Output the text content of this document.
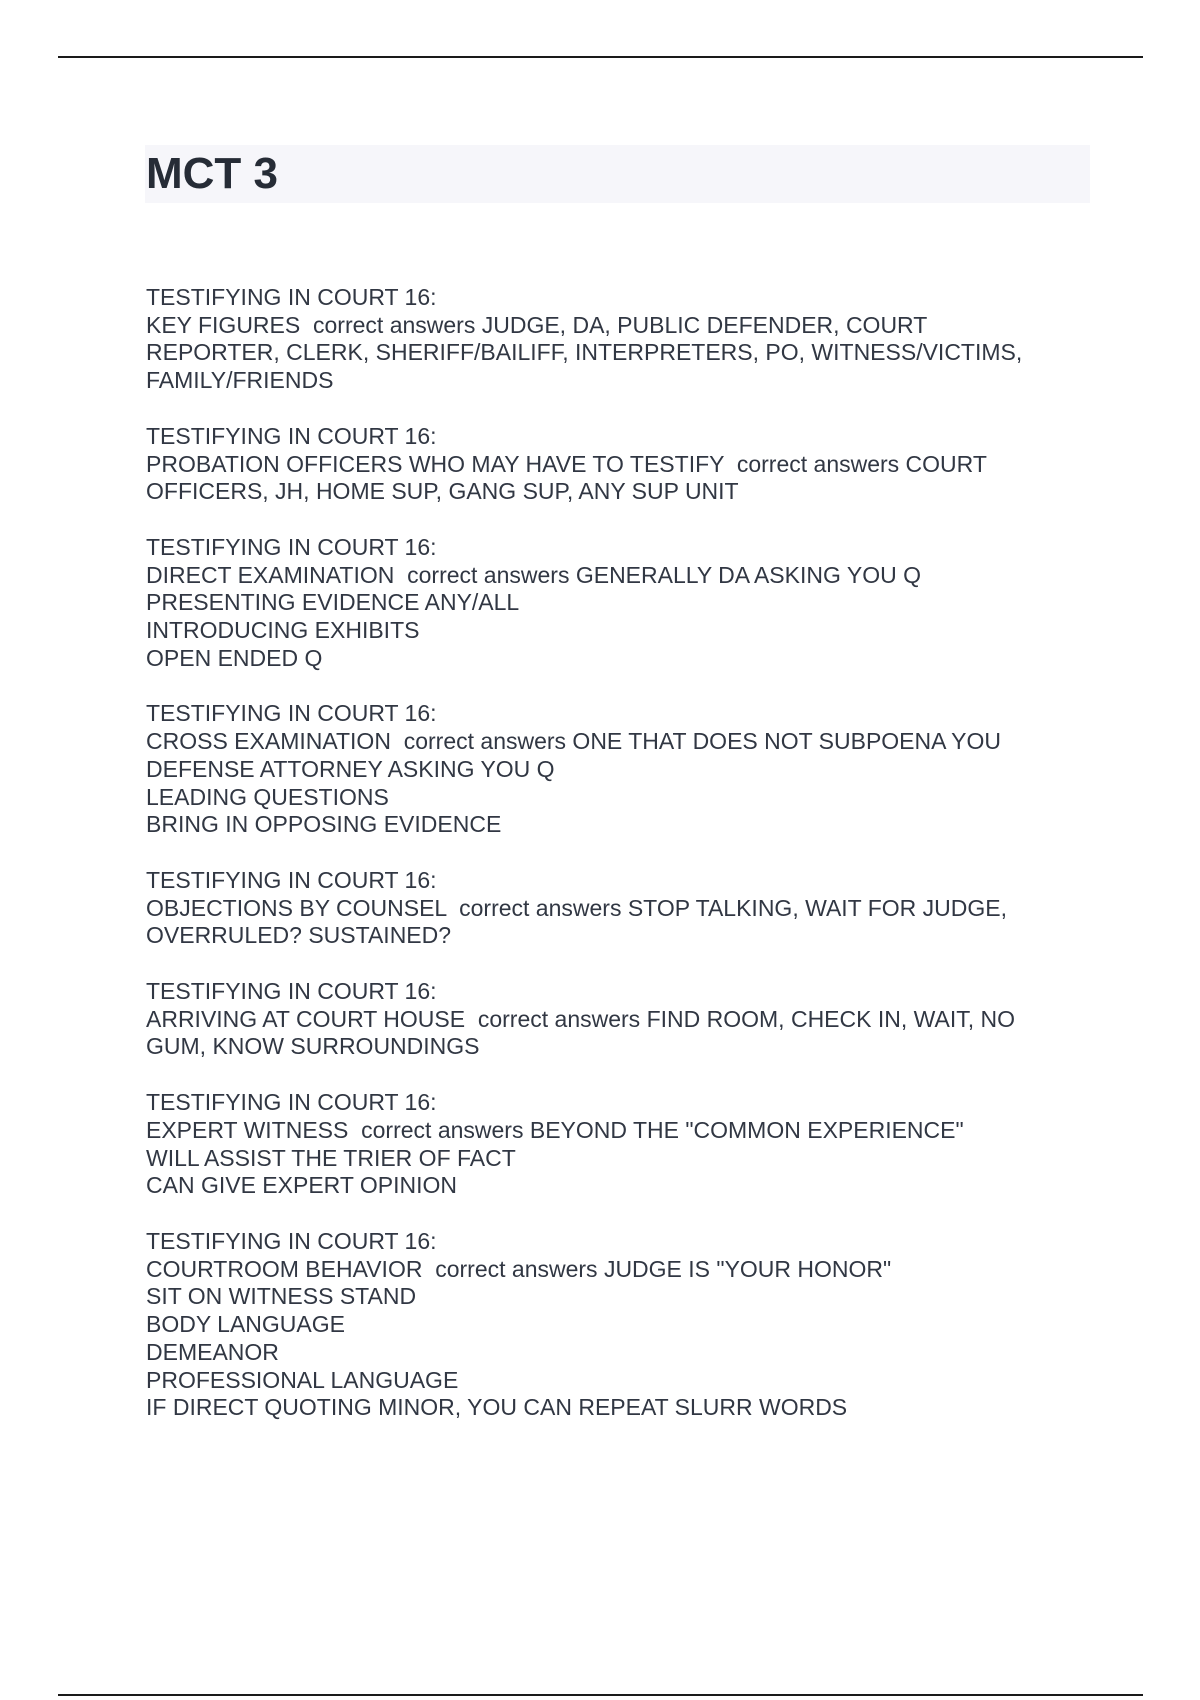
MCT 3
TESTIFYING IN COURT 16:
KEY FIGURES  correct answers JUDGE, DA, PUBLIC DEFENDER, COURT
REPORTER, CLERK, SHERIFF/BAILIFF, INTERPRETERS, PO, WITNESS/VICTIMS,
FAMILY/FRIENDS
TESTIFYING IN COURT 16:
PROBATION OFFICERS WHO MAY HAVE TO TESTIFY  correct answers COURT
OFFICERS, JH, HOME SUP, GANG SUP, ANY SUP UNIT
TESTIFYING IN COURT 16:
DIRECT EXAMINATION  correct answers GENERALLY DA ASKING YOU Q
PRESENTING EVIDENCE ANY/ALL
INTRODUCING EXHIBITS
OPEN ENDED Q
TESTIFYING IN COURT 16:
CROSS EXAMINATION  correct answers ONE THAT DOES NOT SUBPOENA YOU
DEFENSE ATTORNEY ASKING YOU Q
LEADING QUESTIONS
BRING IN OPPOSING EVIDENCE
TESTIFYING IN COURT 16:
OBJECTIONS BY COUNSEL  correct answers STOP TALKING, WAIT FOR JUDGE,
OVERRULED? SUSTAINED?
TESTIFYING IN COURT 16:
ARRIVING AT COURT HOUSE  correct answers FIND ROOM, CHECK IN, WAIT, NO
GUM, KNOW SURROUNDINGS
TESTIFYING IN COURT 16:
EXPERT WITNESS  correct answers BEYOND THE "COMMON EXPERIENCE"
WILL ASSIST THE TRIER OF FACT
CAN GIVE EXPERT OPINION
TESTIFYING IN COURT 16:
COURTROOM BEHAVIOR  correct answers JUDGE IS "YOUR HONOR"
SIT ON WITNESS STAND
BODY LANGUAGE
DEMEANOR
PROFESSIONAL LANGUAGE
IF DIRECT QUOTING MINOR, YOU CAN REPEAT SLURR WORDS
